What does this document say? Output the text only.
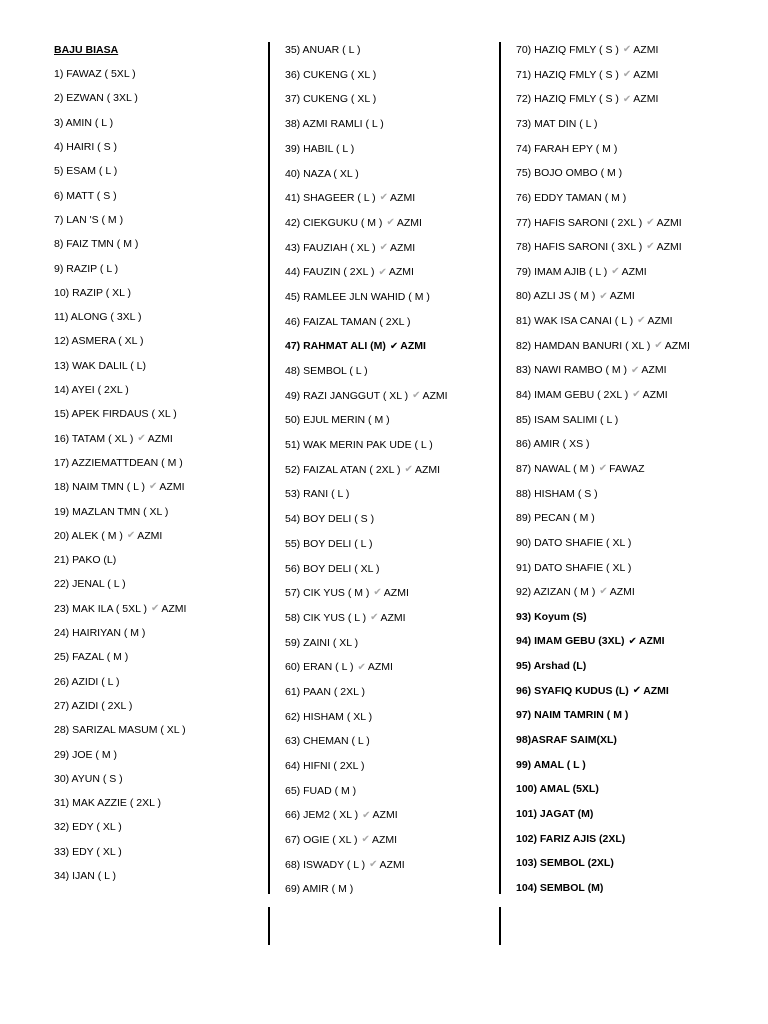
BAJU BIASA
1) FAWAZ ( 5XL )
2) EZWAN ( 3XL )
3) AMIN ( L )
4) HAIRI ( S )
5) ESAM ( L )
6) MATT ( S )
7) LAN 'S ( M )
8) FAIZ TMN ( M )
9) RAZIP ( L )
10) RAZIP ( XL )
11) ALONG ( 3XL )
12) ASMERA ( XL )
13) WAK DALIL ( L)
14) AYEI ( 2XL )
15) APEK FIRDAUS ( XL )
16) TATAM ( XL ) ✔ AZMI
17) AZZIEMATTDEAN ( M )
18) NAIM TMN ( L ) ✔ AZMI
19) MAZLAN TMN ( XL )
20) ALEK ( M ) ✔ AZMI
21) PAKO (L)
22) JENAL ( L )
23) MAK ILA ( 5XL ) ✔ AZMI
24) HAIRIYAN ( M )
25) FAZAL ( M )
26) AZIDI ( L )
27) AZIDI ( 2XL )
28) SARIZAL MASUM ( XL )
29) JOE ( M )
30) AYUN ( S )
31) MAK AZZIE ( 2XL )
32) EDY ( XL )
33) EDY ( XL )
34) IJAN ( L )
35) ANUAR ( L )
36) CUKENG ( XL )
37) CUKENG ( XL )
38) AZMI RAMLI ( L )
39) HABIL ( L )
40) NAZA ( XL )
41) SHAGEER ( L ) ✔ AZMI
42) CIEKGUKU ( M ) ✔ AZMI
43) FAUZIAH ( XL ) ✔ AZMI
44) FAUZIN ( 2XL ) ✔ AZMI
45) RAMLEE JLN WAHID ( M )
46) FAIZAL TAMAN ( 2XL )
47) RAHMAT ALI (M) ✔ AZMI
48) SEMBOL ( L )
49) RAZI JANGGUT ( XL ) ✔ AZMI
50) EJUL MERIN ( M )
51) WAK MERIN PAK UDE ( L )
52) FAIZAL ATAN ( 2XL ) ✔ AZMI
53) RANI ( L )
54) BOY DELI ( S )
55) BOY DELI ( L )
56) BOY DELI ( XL )
57) CIK YUS ( M ) ✔ AZMI
58) CIK YUS ( L ) ✔ AZMI
59) ZAINI ( XL )
60) ERAN ( L ) ✔ AZMI
61) PAAN ( 2XL )
62) HISHAM ( XL )
63) CHEMAN ( L )
64) HIFNI ( 2XL )
65) FUAD ( M )
66) JEM2 ( XL ) ✔ AZMI
67) OGIE ( XL ) ✔ AZMI
68) ISWADY ( L ) ✔ AZMI
69) AMIR ( M )
70) HAZIQ FMLY ( S ) ✔ AZMI
71) HAZIQ FMLY ( S ) ✔ AZMI
72) HAZIQ FMLY ( S ) ✔ AZMI
73) MAT DIN ( L )
74) FARAH EPY ( M )
75) BOJO OMBO ( M )
76) EDDY TAMAN ( M )
77) HAFIS SARONI ( 2XL ) ✔ AZMI
78) HAFIS SARONI ( 3XL ) ✔ AZMI
79) IMAM AJIB ( L ) ✔ AZMI
80) AZLI JS ( M ) ✔ AZMI
81) WAK ISA CANAI ( L ) ✔ AZMI
82) HAMDAN BANURI ( XL ) ✔ AZMI
83) NAWI RAMBO ( M ) ✔ AZMI
84) IMAM GEBU ( 2XL ) ✔ AZMI
85) ISAM SALIMI ( L )
86) AMIR ( XS )
87) NAWAL ( M ) ✔ FAWAZ
88) HISHAM ( S )
89) PECAN ( M )
90) DATO SHAFIE ( XL )
91) DATO SHAFIE ( XL )
92) AZIZAN ( M ) ✔ AZMI
93) Koyum (S)
94) IMAM GEBU (3XL) ✔ AZMI
95) Arshad (L)
96) SYAFIQ KUDUS (L) ✔ AZMI
97) NAIM TAMRIN ( M )
98)ASRAF SAIM(XL)
99) AMAL ( L )
100) AMAL (5XL)
101) JAGAT (M)
102) FARIZ AJIS (2XL)
103) SEMBOL (2XL)
104) SEMBOL (M)
